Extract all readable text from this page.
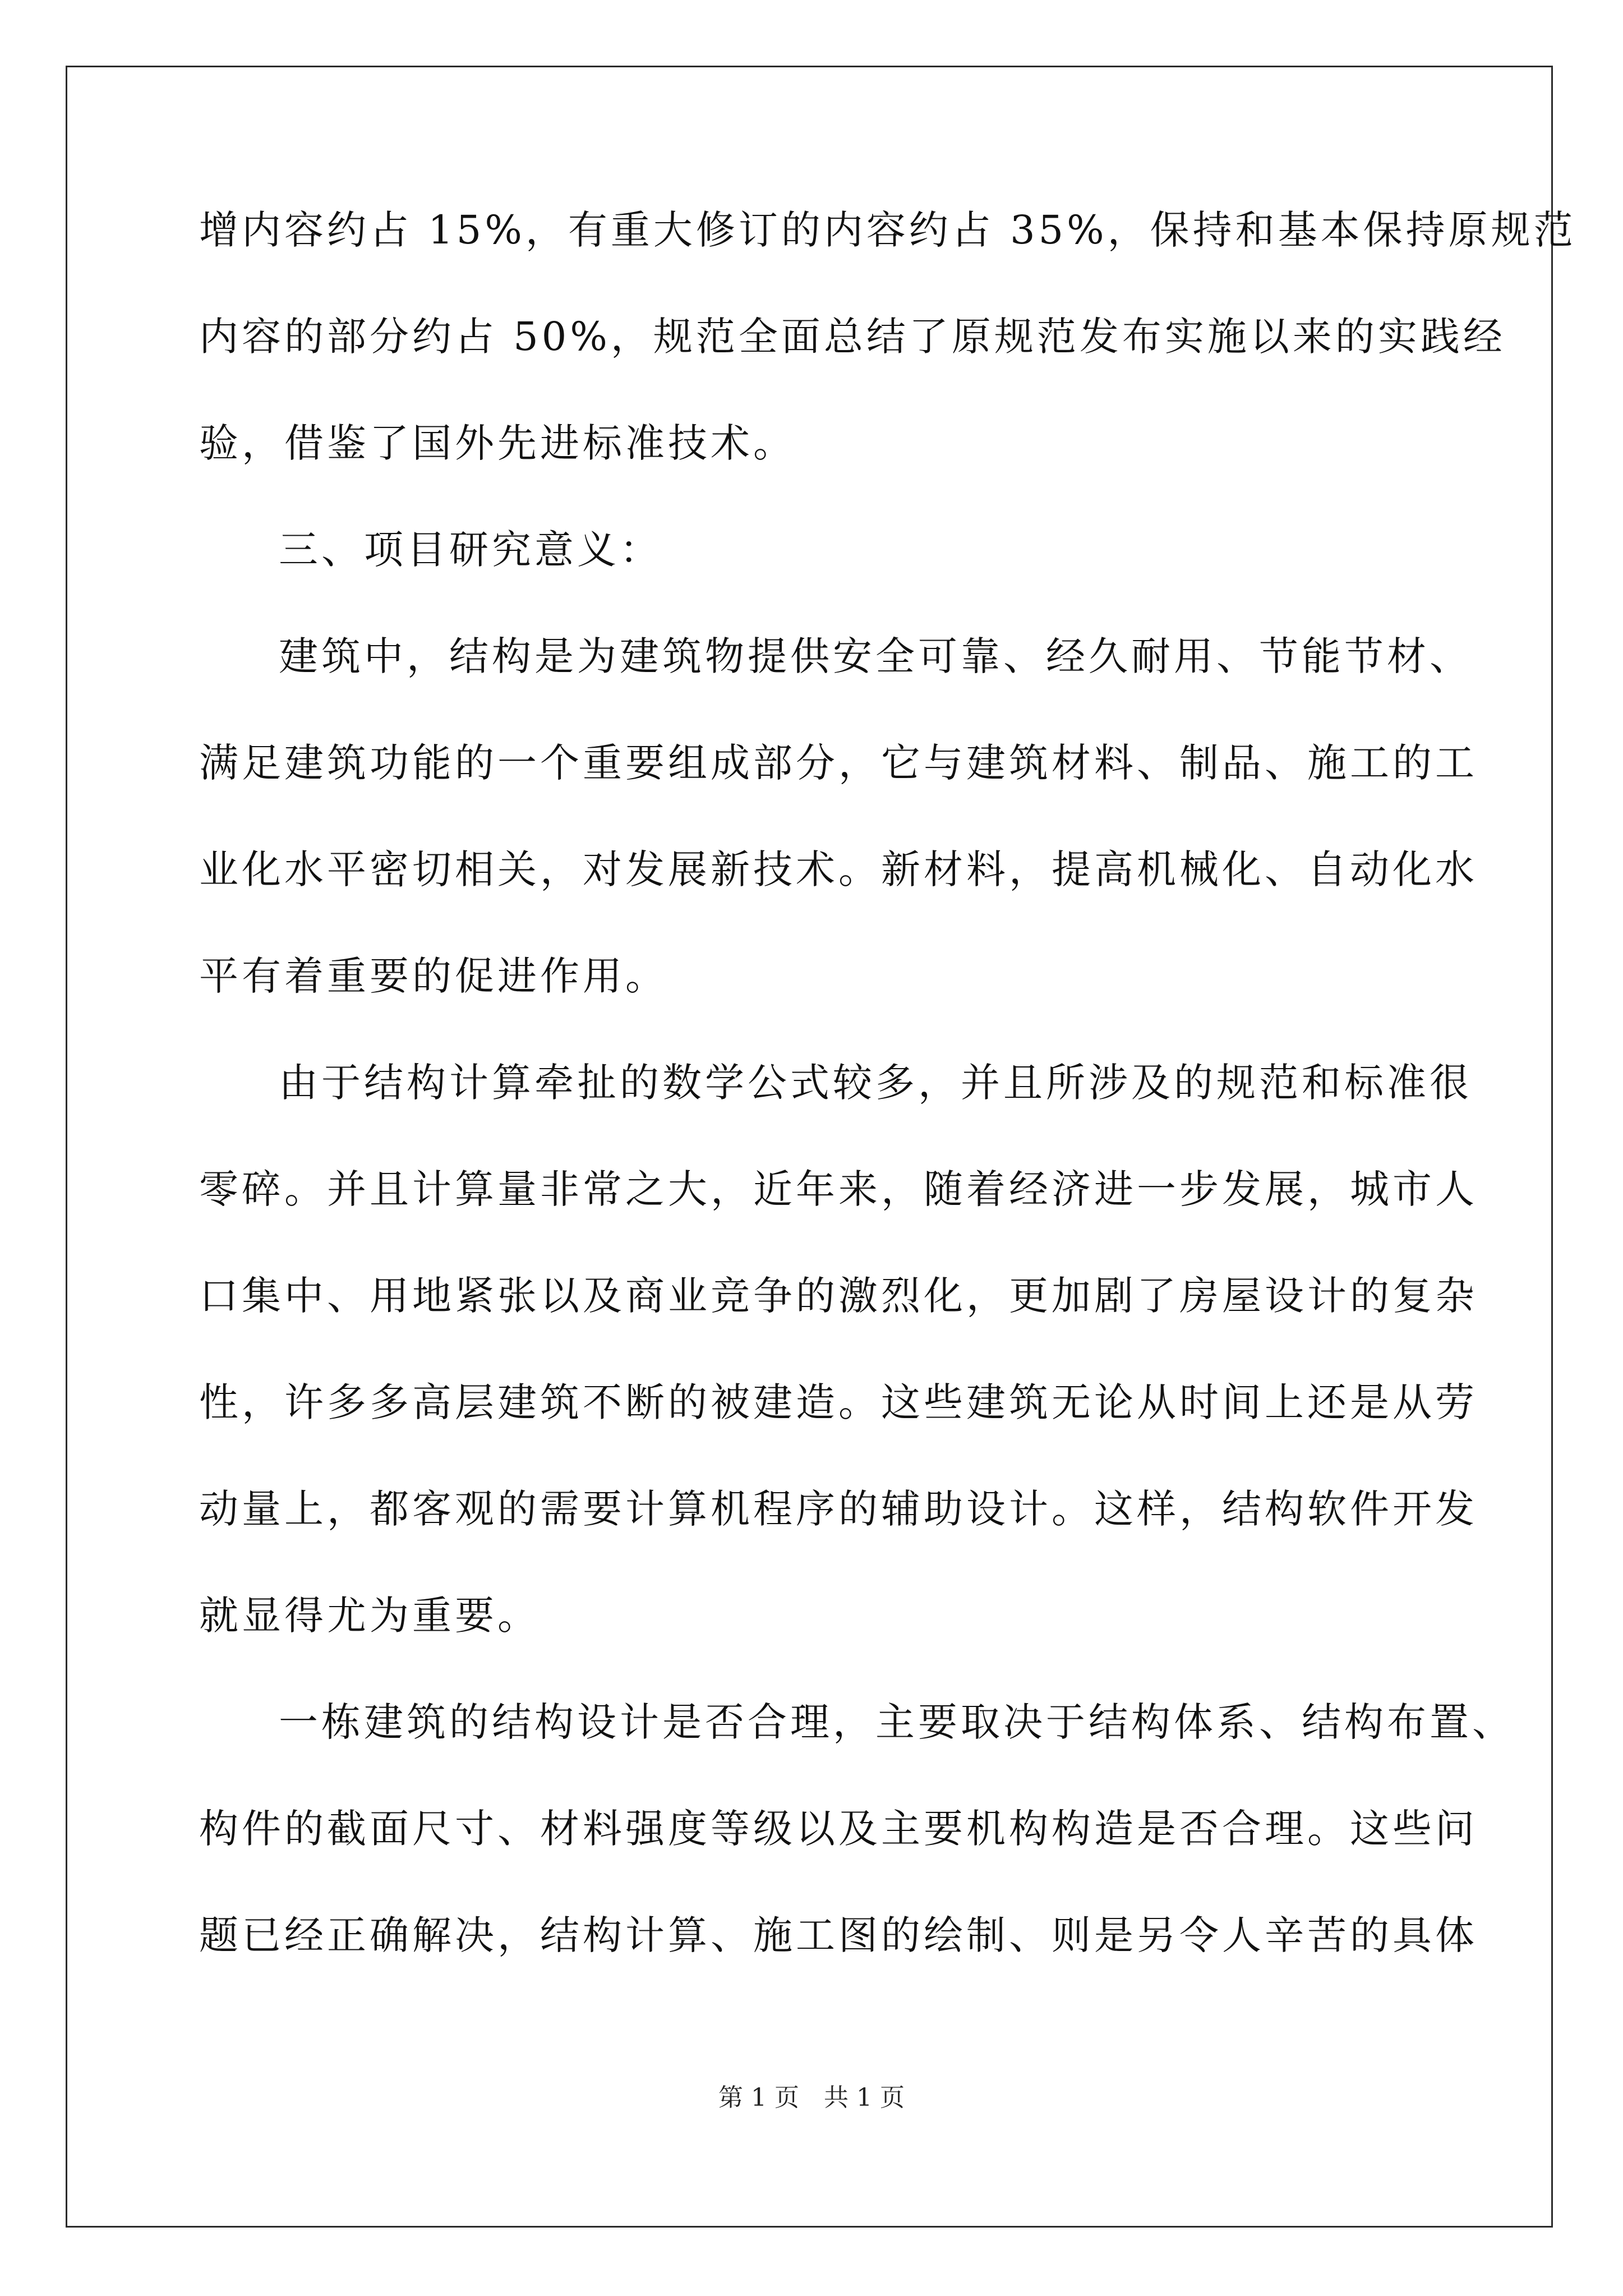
增内容约占 15%，有重大修订的内容约占 35%，保持和基本保持原规范
内容的部分约占 50%，规范全面总结了原规范发布实施以来的实践经
验，借鉴了国外先进标准技术。
三、项目研究意义：
建筑中，结构是为建筑物提供安全可靠、经久耐用、节能节材、
满足建筑功能的一个重要组成部分，它与建筑材料、制品、施工的工
业化水平密切相关，对发展新技术。新材料，提高机械化、自动化水
平有着重要的促进作用。
由于结构计算牵扯的数学公式较多，并且所涉及的规范和标准很
零碎。并且计算量非常之大，近年来，随着经济进一步发展，城市人
口集中、用地紧张以及商业竞争的激烈化，更加剧了房屋设计的复杂
性，许多多高层建筑不断的被建造。这些建筑无论从时间上还是从劳
动量上，都客观的需要计算机程序的辅助设计。这样，结构软件开发
就显得尤为重要。
一栋建筑的结构设计是否合理，主要取决于结构体系、结构布置、
构件的截面尺寸、材料强度等级以及主要机构构造是否合理。这些问
题已经正确解决，结构计算、施工图的绘制、则是另令人辛苦的具体
第 1 页　共 1 页
